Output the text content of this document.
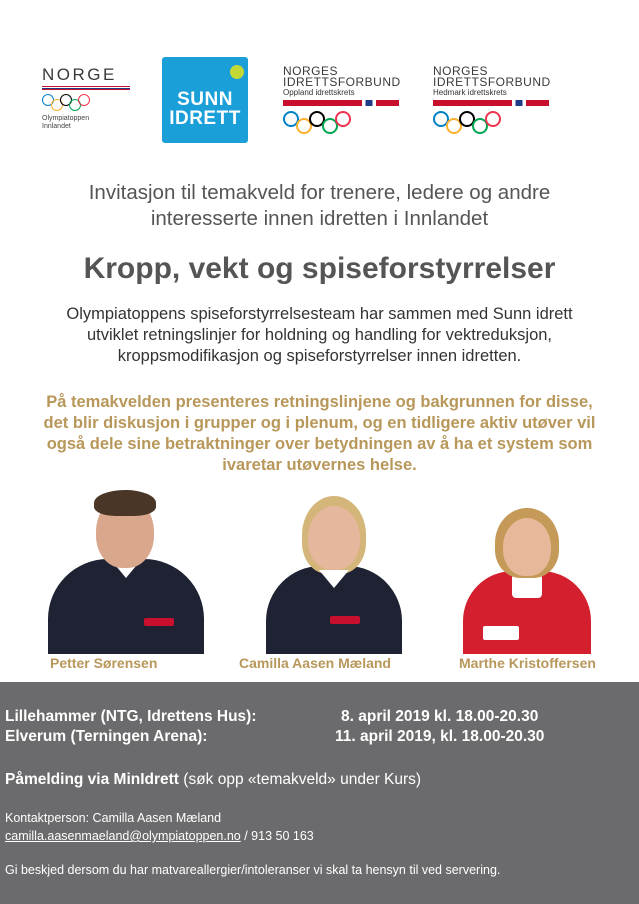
NORGE
Olympiatoppen
Innlandet
SUNN
IDRETT
NORGES
IDRETTSFORBUND
Oppland idrettskrets
NORGES
IDRETTSFORBUND
Hedmark idrettskrets
Invitasjon til temakveld for trenere, ledere og andre
interesserte innen idretten i Innlandet
Kropp, vekt og spiseforstyrrelser
Olympiatoppens spiseforstyrrelsesteam har sammen med Sunn idrett
utviklet retningslinjer for holdning og handling for vektreduksjon,
kroppsmodifikasjon og spiseforstyrrelser innen idretten.
På temakvelden presenteres retningslinjene og bakgrunnen for disse,
det blir diskusjon i grupper og i plenum, og en tidligere aktiv utøver vil
også dele sine betraktninger over betydningen av å ha et system som
ivaretar utøvernes helse.
Petter Sørensen	Camilla Aasen Mæland	Marthe Kristoffersen
Lillehammer (NTG, Idrettens Hus):	8. april 2019 kl. 18.00-20.30
Elverum (Terningen Arena):	11. april 2019, kl. 18.00-20.30
Påmelding via MinIdrett (søk opp «temakveld» under Kurs)
Kontaktperson: Camilla Aasen Mæland
camilla.aasenmaeland@olympiatoppen.no / 913 50 163
Gi beskjed dersom du har matvareallergier/intoleranser vi skal ta hensyn til ved servering.
